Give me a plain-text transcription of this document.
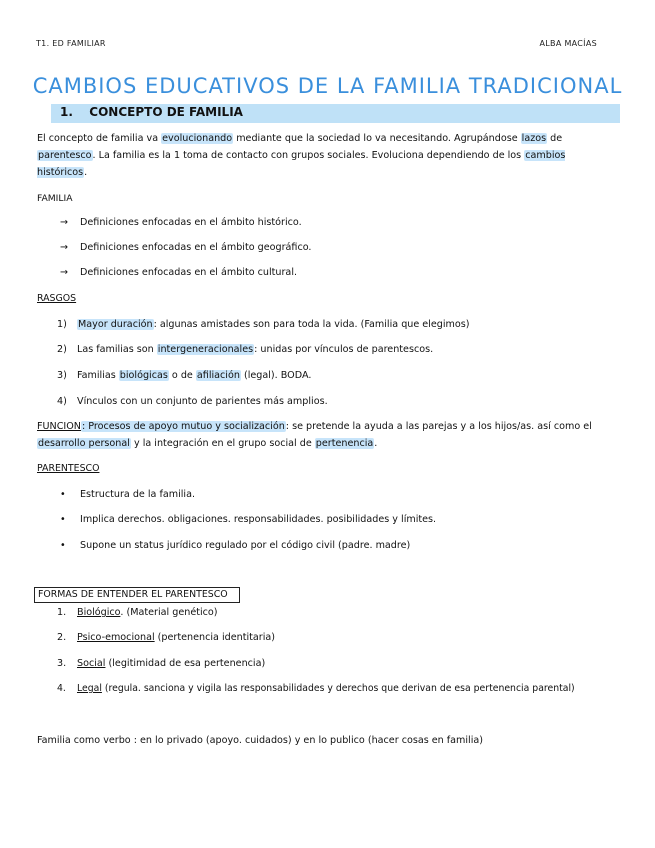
T1. ED FAMILIAR	ALBA MACÍAS
CAMBIOS EDUCATIVOS DE LA FAMILIA TRADICIONAL
1. CONCEPTO DE FAMILIA
El concepto de familia va evolucionando mediante que la sociedad lo va necesitando. Agrupándose lazos de parentesco. La familia es la 1 toma de contacto con grupos sociales. Evoluciona dependiendo de los cambios históricos.
FAMILIA
→ Definiciones enfocadas en el ámbito histórico.
→ Definiciones enfocadas en el ámbito geográfico.
→ Definiciones enfocadas en el ámbito cultural.
RASGOS
1) Mayor duración: algunas amistades son para toda la vida. (Familia que elegimos)
2) Las familias son intergeneracionales: unidas por vínculos de parentescos.
3) Familias biológicas o de afiliación (legal). BODA.
4) Vínculos con un conjunto de parientes más amplios.
FUNCION: Procesos de apoyo mutuo y socialización: se pretende la ayuda a las parejas y a los hijos/as. así como el desarrollo personal y la integración en el grupo social de pertenencia.
PARENTESCO
• Estructura de la familia.
• Implica derechos. obligaciones. responsabilidades. posibilidades y límites.
• Supone un status jurídico regulado por el código civil (padre. madre)
FORMAS DE ENTENDER EL PARENTESCO
1. Biológico. (Material genético)
2. Psico-emocional (pertenencia identitaria)
3. Social (legitimidad de esa pertenencia)
4. Legal (regula. sanciona y vigila las responsabilidades y derechos que derivan de esa pertenencia parental)
Familia como verbo : en lo privado (apoyo. cuidados) y en lo publico (hacer cosas en familia)
